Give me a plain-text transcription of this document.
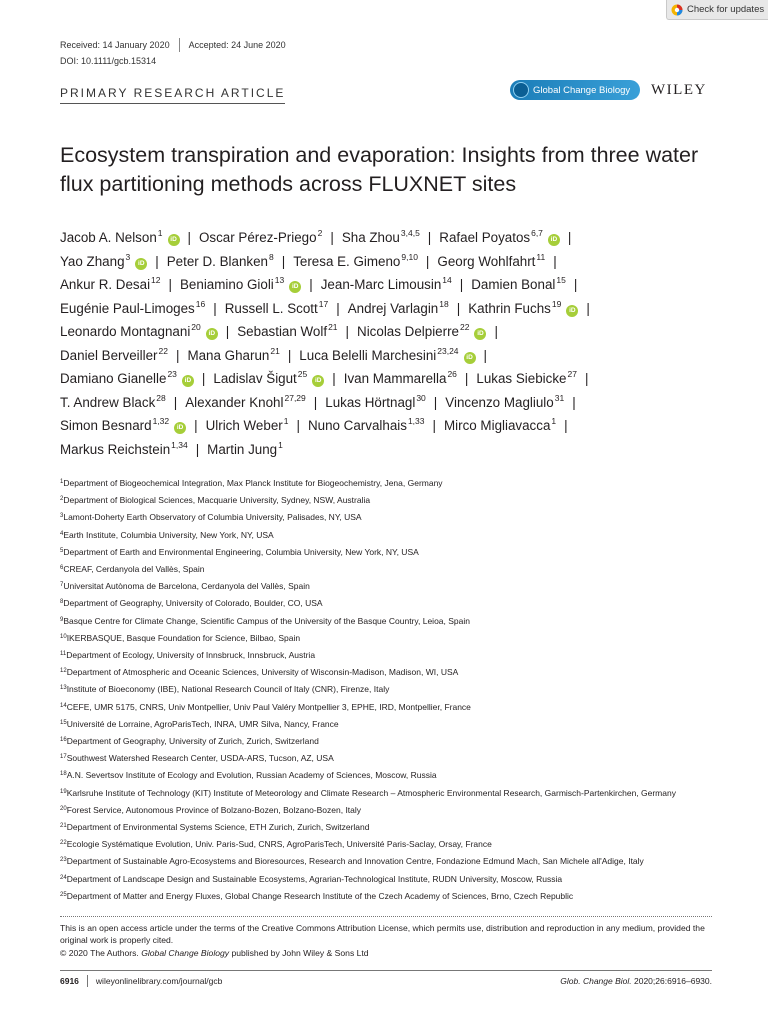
Check for updates
Received: 14 January 2020 Accepted: 24 June 2020
DOI: 10.1111/gcb.15314
PRIMARY RESEARCH ARTICLE	Global Change Biology WILEY
Ecosystem transpiration and evaporation: Insights from three water flux partitioning methods across FLUXNET sites
Jacob A. Nelson$^1$iD | Oscar Pérez-Priego$^2$ | Sha Zhou$^{3,4,5}$ | Rafael Poyatos$^{6,7}$iD |
Yao Zhang$^3$iD | Peter D. Blanken$^8$ | Teresa E. Gimeno$^{9,10}$ | Georg Wohlfahrt$^{11}$ |
Ankur R. Desai$^{12}$ | Beniamino Gioli$^{13}$iD | Jean-Marc Limousin$^{14}$ | Damien Bonal$^{15}$ |
Eugénie Paul-Limoges$^{16}$ | Russell L. Scott$^{17}$ | Andrej Varlagin$^{18}$ | Kathrin Fuchs$^{19}$iD |
Leonardo Montagnani$^{20}$iD | Sebastian Wolf$^{21}$ | Nicolas Delpierre$^{22}$iD |
Daniel Berveiller$^{22}$ | Mana Gharun$^{21}$ | Luca Belelli Marchesini$^{23,24}$iD |
Damiano Gianelle$^{23}$iD | Ladislav Šigut$^{25}$iD | Ivan Mammarella$^{26}$ | Lukas Siebicke$^{27}$ |
T. Andrew Black$^{28}$ | Alexander Knohl$^{27,29}$ | Lukas Hörtnagl$^{30}$ | Vincenzo Magliulo$^{31}$ |
Simon Besnard$^{1,32}$iD | Ulrich Weber$^1$ | Nuno Carvalhais$^{1,33}$ | Mirco Migliavacca$^1$ |
Markus Reichstein$^{1,34}$ | Martin Jung$^1$
$^1$Department of Biogeochemical Integration, Max Planck Institute for Biogeochemistry, Jena, Germany
$^2$Department of Biological Sciences, Macquarie University, Sydney, NSW, Australia
$^3$Lamont-Doherty Earth Observatory of Columbia University, Palisades, NY, USA
$^4$Earth Institute, Columbia University, New York, NY, USA
$^5$Department of Earth and Environmental Engineering, Columbia University, New York, NY, USA
$^6$CREAF, Cerdanyola del Vallès, Spain
$^7$Universitat Autònoma de Barcelona, Cerdanyola del Vallès, Spain
$^8$Department of Geography, University of Colorado, Boulder, CO, USA
$^9$Basque Centre for Climate Change, Scientific Campus of the University of the Basque Country, Leioa, Spain
$^{10}$IKERBASQUE, Basque Foundation for Science, Bilbao, Spain
$^{11}$Department of Ecology, University of Innsbruck, Innsbruck, Austria
$^{12}$Department of Atmospheric and Oceanic Sciences, University of Wisconsin-Madison, Madison, WI, USA
$^{13}$Institute of Bioeconomy (IBE), National Research Council of Italy (CNR), Firenze, Italy
$^{14}$CEFE, UMR 5175, CNRS, Univ Montpellier, Univ Paul Valéry Montpellier 3, EPHE, IRD, Montpellier, France
$^{15}$Université de Lorraine, AgroParisTech, INRA, UMR Silva, Nancy, France
$^{16}$Department of Geography, University of Zurich, Zurich, Switzerland
$^{17}$Southwest Watershed Research Center, USDA-ARS, Tucson, AZ, USA
$^{18}$A.N. Severtsov Institute of Ecology and Evolution, Russian Academy of Sciences, Moscow, Russia
$^{19}$Karlsruhe Institute of Technology (KIT) Institute of Meteorology and Climate Research – Atmospheric Environmental Research, Garmisch-Partenkirchen, Germany
$^{20}$Forest Service, Autonomous Province of Bolzano-Bozen, Bolzano-Bozen, Italy
$^{21}$Department of Environmental Systems Science, ETH Zurich, Zurich, Switzerland
$^{22}$Ecologie Systématique Evolution, Univ. Paris-Sud, CNRS, AgroParisTech, Université Paris-Saclay, Orsay, France
$^{23}$Department of Sustainable Agro-Ecosystems and Bioresources, Research and Innovation Centre, Fondazione Edmund Mach, San Michele all'Adige, Italy
$^{24}$Department of Landscape Design and Sustainable Ecosystems, Agrarian-Technological Institute, RUDN University, Moscow, Russia
$^{25}$Department of Matter and Energy Fluxes, Global Change Research Institute of the Czech Academy of Sciences, Brno, Czech Republic
This is an open access article under the terms of the Creative Commons Attribution License, which permits use, distribution and reproduction in any medium, provided the original work is properly cited.
© 2020 The Authors. Global Change Biology published by John Wiley & Sons Ltd
6916 wileyonlinelibrary.com/journal/gcb	Glob. Change Biol. 2020;26:6916–6930.
